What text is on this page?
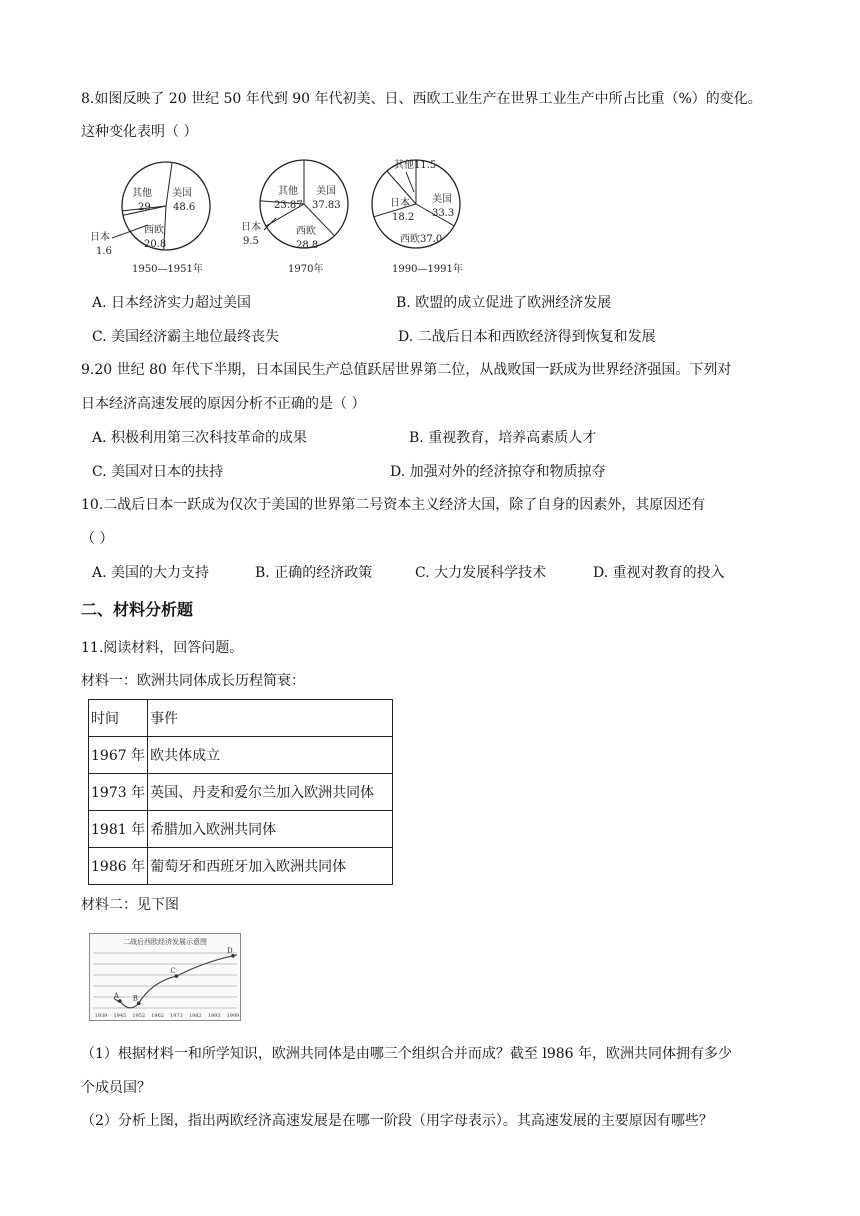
8.如图反映了 20 世纪 50 年代到 90 年代初美、日、西欧工业生产在世界工业生产中所占比重（%）的变化。
这种变化表明（ ）
其他
29
美国
48.6
西欧
20.8
日本
1.6
1950—1951年
其他
23.87
美国
37.83
西欧
28.8
日本
9.5
1970年
其他11.5
美国
33.3
日本
18.2
西欧37.0
1990—1991年
A. 日本经济实力超过美国	B. 欧盟的成立促进了欧洲经济发展
C. 美国经济霸主地位最终丧失	D. 二战后日本和西欧经济得到恢复和发展
9.20 世纪 80 年代下半期，日本国民生产总值跃居世界第二位，从战败国一跃成为世界经济强国。下列对
日本经济高速发展的原因分析不正确的是（ ）
A. 积极利用第三次科技革命的成果	B. 重视教育，培养高素质人才
C. 美国对日本的扶持	D. 加强对外的经济掠夺和物质掠夺
10.二战后日本一跃成为仅次于美国的世界第二号资本主义经济大国，除了自身的因素外，其原因还有
（ ）
A. 美国的大力支持	B. 正确的经济政策	C. 大力发展科学技术	D. 重视对教育的投入
二、材料分析题
11.阅读材料，回答问题。
材料一：欧洲共同体成长历程简衰：
时间	事件
1967 年	欧共体成立
1973 年	英国、丹麦和爱尔兰加入欧洲共同体
1981 年	希腊加入欧洲共同体
1986 年	葡萄牙和西班牙加入欧洲共同体
材料二：见下图
二战后西欧经济发展示意图
A B
C
D
1939 1945 1952 1962 1973 1982 1993 1999
（1）根据材料一和所学知识，欧洲共同体是由哪三个组织合并而成？截至 l986 年，欧洲共同体拥有多少
个成员国？
（2）分析上图，指出两欧经济高速发展是在哪一阶段（用字母表示）。其高速发展的主要原因有哪些？
